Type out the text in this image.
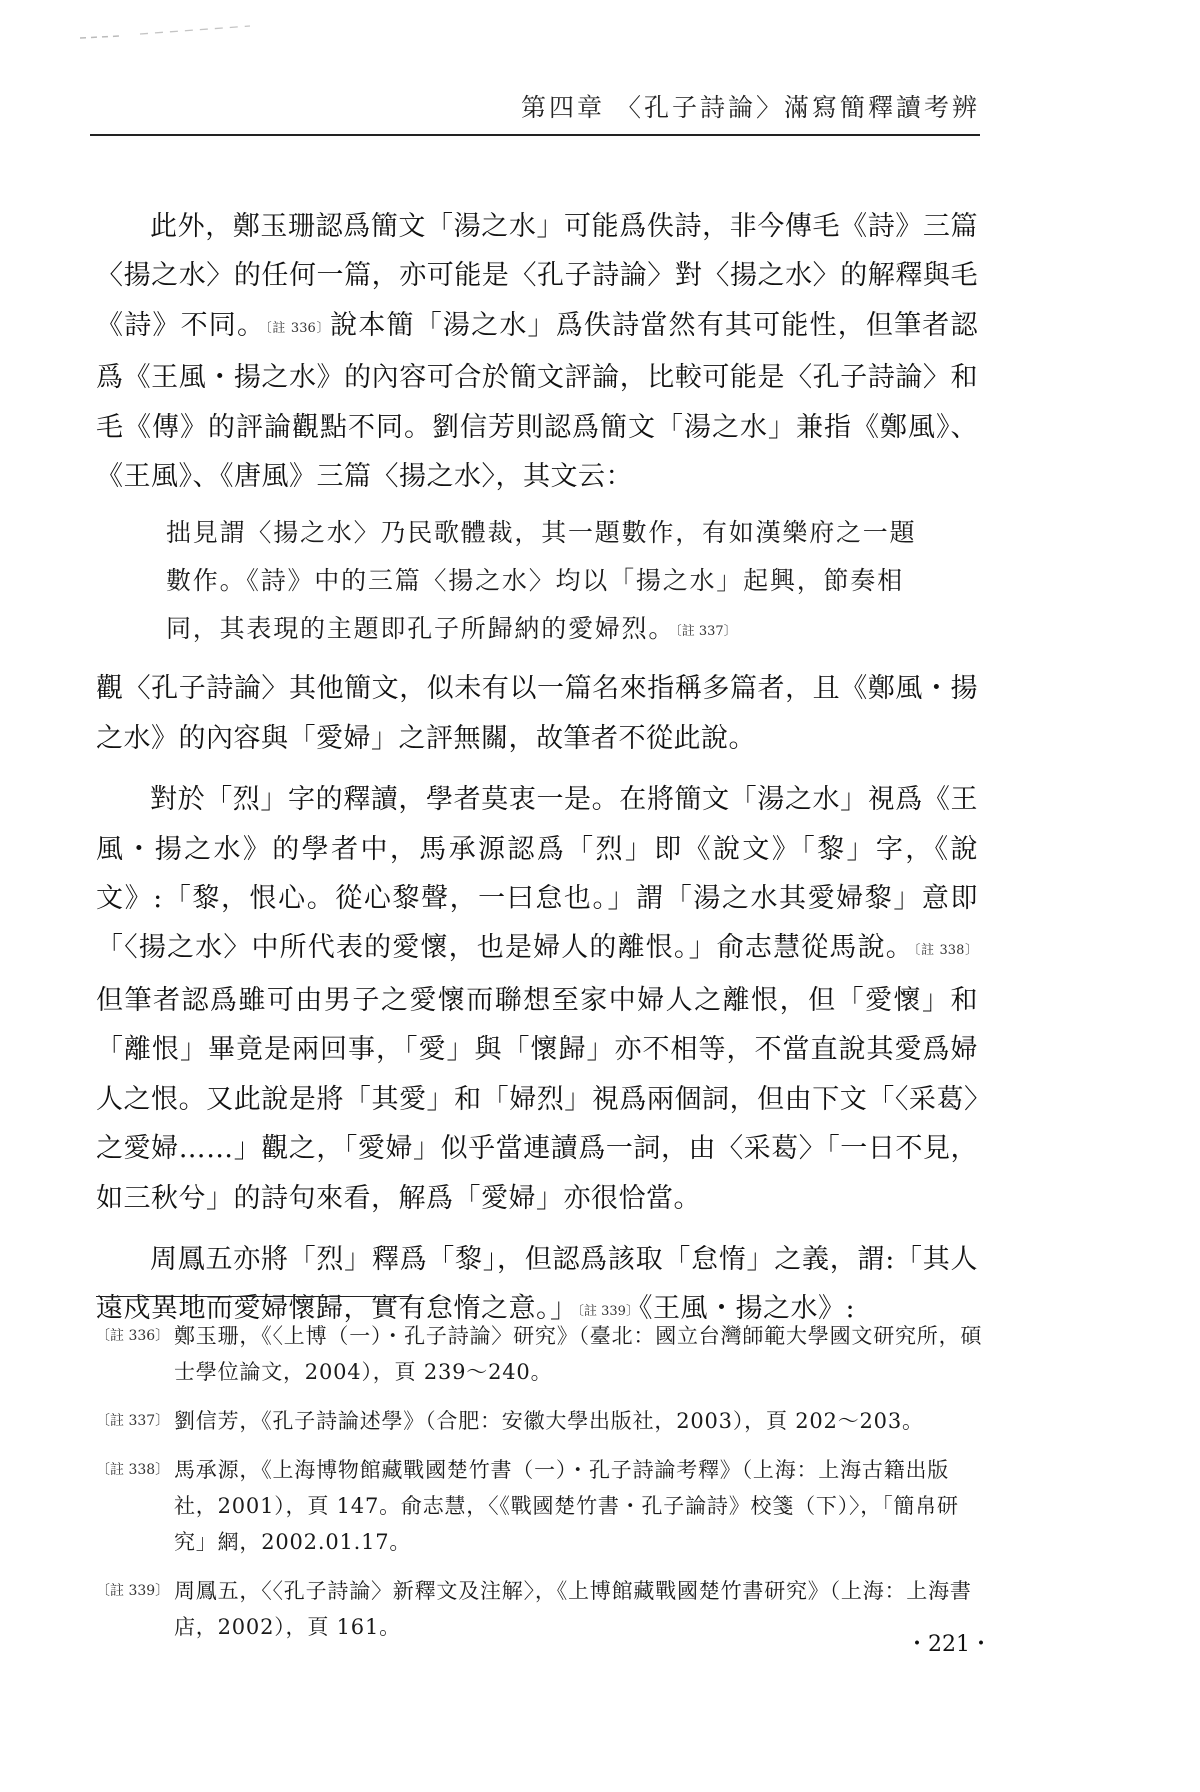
第四章 〈孔子詩論〉滿寫簡釋讀考辨

此外，鄭玉珊認爲簡文「湯之水」可能爲佚詩，非今傳毛《詩》三篇〈揚之水〉的任何一篇，亦可能是〈孔子詩論〉對〈揚之水〉的解釋與毛《詩》不同。〔註 336〕說本簡「湯之水」爲佚詩當然有其可能性，但筆者認爲《王風・揚之水》的內容可合於簡文評論，比較可能是〈孔子詩論〉和毛《傳》的評論觀點不同。劉信芳則認爲簡文「湯之水」兼指《鄭風》、《王風》、《唐風》三篇〈揚之水〉，其文云：

拙見謂〈揚之水〉乃民歌體裁，其一題數作，有如漢樂府之一題數作。《詩》中的三篇〈揚之水〉均以「揚之水」起興，節奏相同，其表現的主題即孔子所歸納的愛婦烈。〔註 337〕

觀〈孔子詩論〉其他簡文，似未有以一篇名來指稱多篇者，且《鄭風・揚之水》的內容與「愛婦」之評無關，故筆者不從此說。

對於「烈」字的釋讀，學者莫衷一是。在將簡文「湯之水」視爲《王風・揚之水》的學者中，馬承源認爲「烈」即《說文》「黎」字，《說文》:「黎，恨心。從心黎聲，一曰怠也。」謂「湯之水其愛婦黎」意即「〈揚之水〉中所代表的愛懷，也是婦人的離恨。」俞志慧從馬說。〔註 338〕但筆者認爲雖可由男子之愛懷而聯想至家中婦人之離恨，但「愛懷」和「離恨」畢竟是兩回事，「愛」與「懷歸」亦不相等，不當直說其愛爲婦人之恨。又此說是將「其愛」和「婦烈」視爲兩個詞，但由下文「〈采葛〉之愛婦……」觀之，「愛婦」似乎當連讀爲一詞，由〈采葛〉「一日不見，如三秋兮」的詩句來看，解爲「愛婦」亦很恰當。

周鳳五亦將「烈」釋爲「黎」，但認爲該取「怠惰」之義，謂:「其人遠戍異地而愛婦懷歸，實有怠惰之意。」〔註 339〕《王風・揚之水》:

〔註 336〕 鄭玉珊，《〈上博（一）・孔子詩論〉研究》（臺北：國立台灣師範大學國文研究所，碩士學位論文，2004），頁 239～240。

〔註 337〕 劉信芳，《孔子詩論述學》（合肥：安徽大學出版社，2003），頁 202～203。

〔註 338〕 馬承源，《上海博物館藏戰國楚竹書（一）・孔子詩論考釋》（上海：上海古籍出版社，2001），頁 147。俞志慧，〈《戰國楚竹書・孔子論詩》校箋（下）〉，「簡帛研究」網，2002.01.17。

〔註 339〕 周鳳五，〈〈孔子詩論〉新釋文及注解〉，《上博館藏戰國楚竹書研究》（上海：上海書店，2002），頁 161。

・221・
